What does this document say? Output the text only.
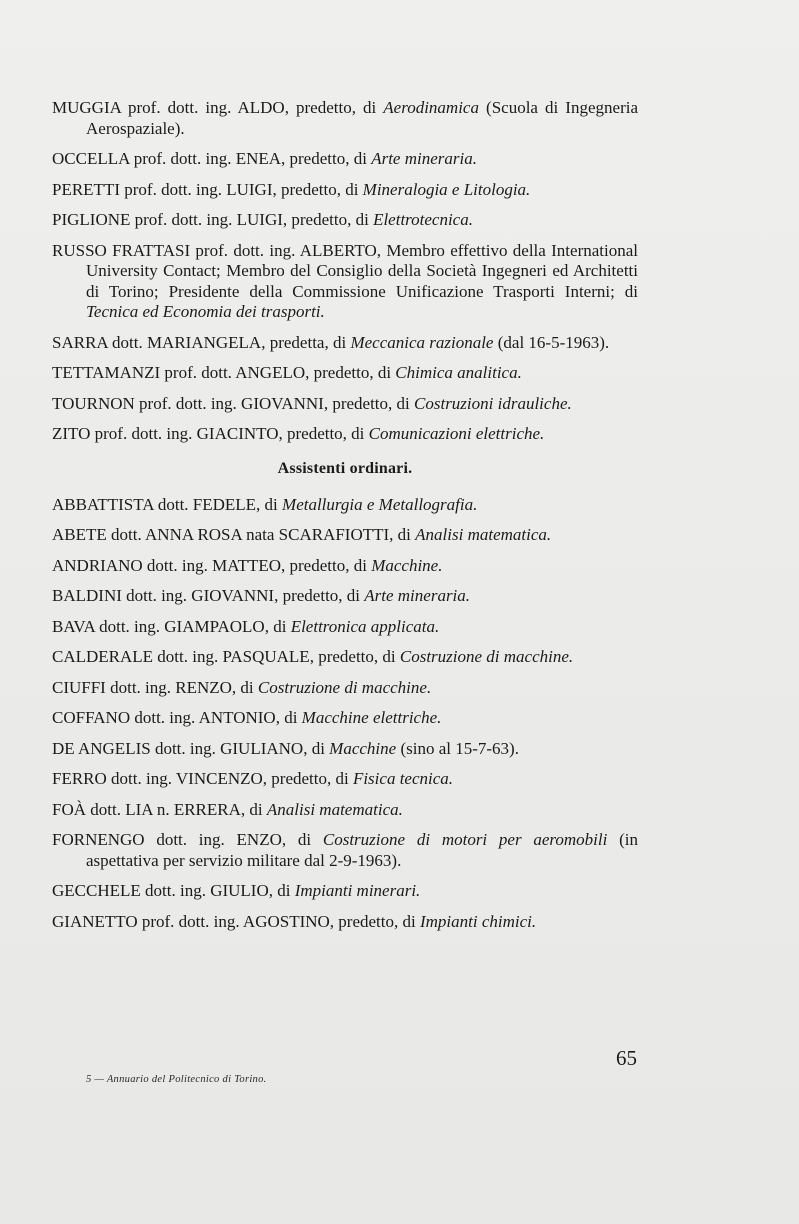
MUGGIA prof. dott. ing. ALDO, predetto, di Aerodinamica (Scuola di Ingegneria Aerospaziale).

OCCELLA prof. dott. ing. ENEA, predetto, di Arte mineraria.

PERETTI prof. dott. ing. LUIGI, predetto, di Mineralogia e Litologia.

PIGLIONE prof. dott. ing. LUIGI, predetto, di Elettrotecnica.

RUSSO FRATTASI prof. dott. ing. ALBERTO, Membro effettivo della International University Contact; Membro del Consiglio della Società Ingegneri ed Architetti di Torino; Presidente della Commissione Unificazione Trasporti Interni; di Tecnica ed Economia dei trasporti.

SARRA dott. MARIANGELA, predetta, di Meccanica razionale (dal 16-5-1963).

TETTAMANZI prof. dott. ANGELO, predetto, di Chimica analitica.

TOURNON prof. dott. ing. GIOVANNI, predetto, di Costruzioni idrauliche.

ZITO prof. dott. ing. GIACINTO, predetto, di Comunicazioni elettriche.

Assistenti ordinari.

ABBATTISTA dott. FEDELE, di Metallurgia e Metallografia.

ABETE dott. ANNA ROSA nata SCARAFIOTTI, di Analisi matematica.

ANDRIANO dott. ing. MATTEO, predetto, di Macchine.

BALDINI dott. ing. GIOVANNI, predetto, di Arte mineraria.

BAVA dott. ing. GIAMPAOLO, di Elettronica applicata.

CALDERALE dott. ing. PASQUALE, predetto, di Costruzione di macchine.

CIUFFI dott. ing. RENZO, di Costruzione di macchine.

COFFANO dott. ing. ANTONIO, di Macchine elettriche.

DE ANGELIS dott. ing. GIULIANO, di Macchine (sino al 15-7-63).

FERRO dott. ing. VINCENZO, predetto, di Fisica tecnica.

FOÀ dott. LIA n. ERRERA, di Analisi matematica.

FORNENGO dott. ing. ENZO, di Costruzione di motori per aeromobili (in aspettativa per servizio militare dal 2-9-1963).

GECCHELE dott. ing. GIULIO, di Impianti minerari.

GIANETTO prof. dott. ing. AGOSTINO, predetto, di Impianti chimici.

65
5 — Annuario del Politecnico di Torino.
